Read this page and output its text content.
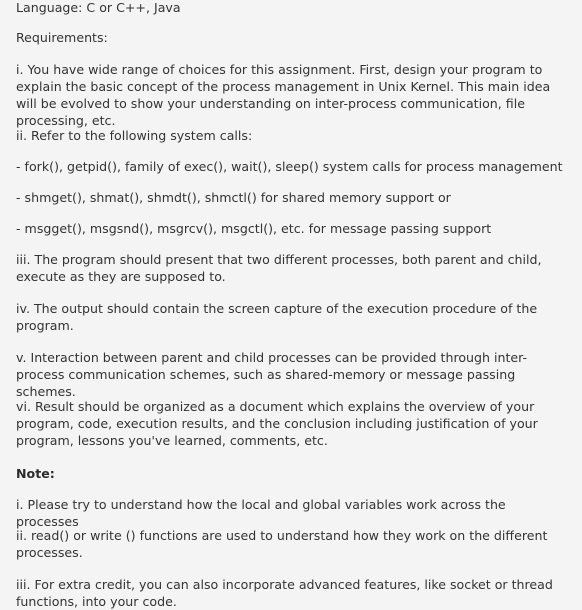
Language: C or C++, Java

Requirements:

i. You have wide range of choices for this assignment. First, design your program to explain the basic concept of the process management in Unix Kernel. This main idea will be evolved to show your understanding on inter-process communication, file processing, etc.

ii. Refer to the following system calls:

- fork(), getpid(), family of exec(), wait(), sleep() system calls for process management

- shmget(), shmat(), shmdt(), shmctl() for shared memory support or

- msgget(), msgsnd(), msgrcv(), msgctl(), etc. for message passing support

iii. The program should present that two different processes, both parent and child, execute as they are supposed to.

iv. The output should contain the screen capture of the execution procedure of the program.

v. Interaction between parent and child processes can be provided through inter-process communication schemes, such as shared-memory or message passing schemes.

vi. Result should be organized as a document which explains the overview of your program, code, execution results, and the conclusion including justification of your program, lessons you've learned, comments, etc.

Note:

i. Please try to understand how the local and global variables work across the processes

ii. read() or write () functions are used to understand how they work on the different processes.

iii. For extra credit, you can also incorporate advanced features, like socket or thread functions, into your code.
